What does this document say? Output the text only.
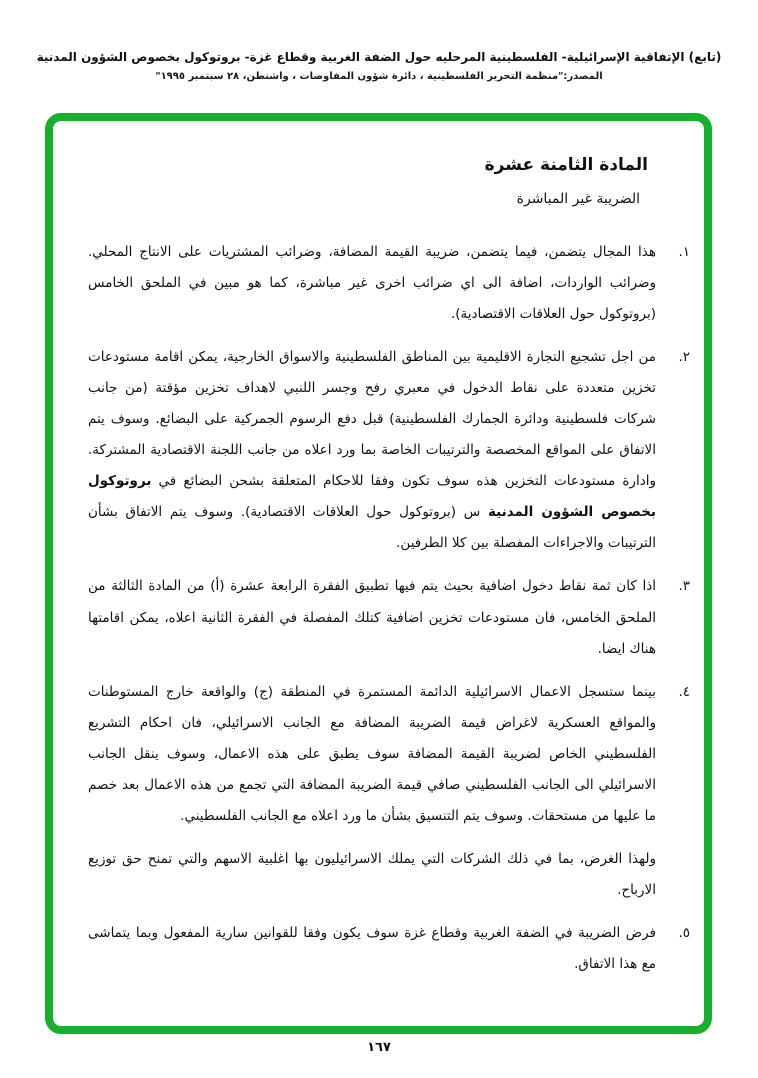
(تابع) الإتفاقية الإسرائيلية- الفلسطينية المرحليه حول الضفة الغربية وقطاع غزة- بروتوكول بخصوص الشؤون المدنية
المصدر:"منظمة التحرير الفلسطينية ، دائرة شؤون المفاوضات ، واشنطن، ٢٨ سبتمبر ١٩٩٥"
المادة الثامنة عشرة
الضريبة غير المباشرة
١.
هذا المجال يتضمن، فيما يتضمن، ضريبة القيمة المضافة، وضرائب المشتريات على الانتاج المحلي. وضرائب الواردات، اضافة الى اي ضرائب اخرى غير مباشرة، كما هو مبين في الملحق الخامس (بروتوكول حول العلاقات الاقتصادية).
٢.
من اجل تشجيع التجارة الاقليمية بين المناطق الفلسطينية والاسواق الخارجية، يمكن اقامة مستودعات تخزين متعددة على نقاط الدخول في معبري رفح وجسر اللنبي لاهداف تخزين مؤقتة (من جانب شركات فلسطينية ودائرة الجمارك الفلسطينية) قبل دفع الرسوم الجمركية على البضائع. وسوف يتم الاتفاق على المواقع المخصصة والترتيبات الخاصة بما ورد اعلاه من جانب اللجنة الاقتصادية المشتركة. وادارة مستودعات التخزين هذه سوف تكون وفقا للاحكام المتعلقة بشحن البضائع في بروتوكول بخصوص الشؤون المدنية س (بروتوكول حول العلاقات الاقتصادية). وسوف يتم الاتفاق بشأن الترتيبات والاجراءات المفصلة بين كلا الطرفين.
٣.
اذا كان ثمة نقاط دخول اضافية بحيث يتم فيها تطبيق الفقرة الرابعة عشرة (أ) من المادة الثالثة من الملحق الخامس، فان مستودعات تخزين اضافية كتلك المفصلة في الفقرة الثانية اعلاه، يمكن اقامتها هناك ايضا.
٤.
بينما ستسجل الاعمال الاسرائيلية الدائمة المستمرة في المنطقة (ج) والواقعة خارج المستوطنات والمواقع العسكرية لاغراض قيمة الضريبة المضافة مع الجانب الاسرائيلي، فان احكام التشريع الفلسطيني الخاص لضريبة القيمة المضافة سوف يطبق على هذه الاعمال، وسوف ينقل الجانب الاسرائيلي الى الجانب الفلسطيني صافي قيمة الضريبة المضافة التي تجمع من هذه الاعمال بعد خصم ما عليها من مستحقات. وسوف يتم التنسيق بشأن ما ورد اعلاه مع الجانب الفلسطيني.
ولهذا الغرض، بما في ذلك الشركات التي يملك الاسرائيليون بها اغلبية الاسهم والتي تمنح حق توزيع الارباح.
٥.
فرض الضريبة في الضفة الغربية وقطاع غزة سوف يكون وفقا للقوانين سارية المفعول وبما يتماشى مع هذا الاتفاق.
١٦٧
